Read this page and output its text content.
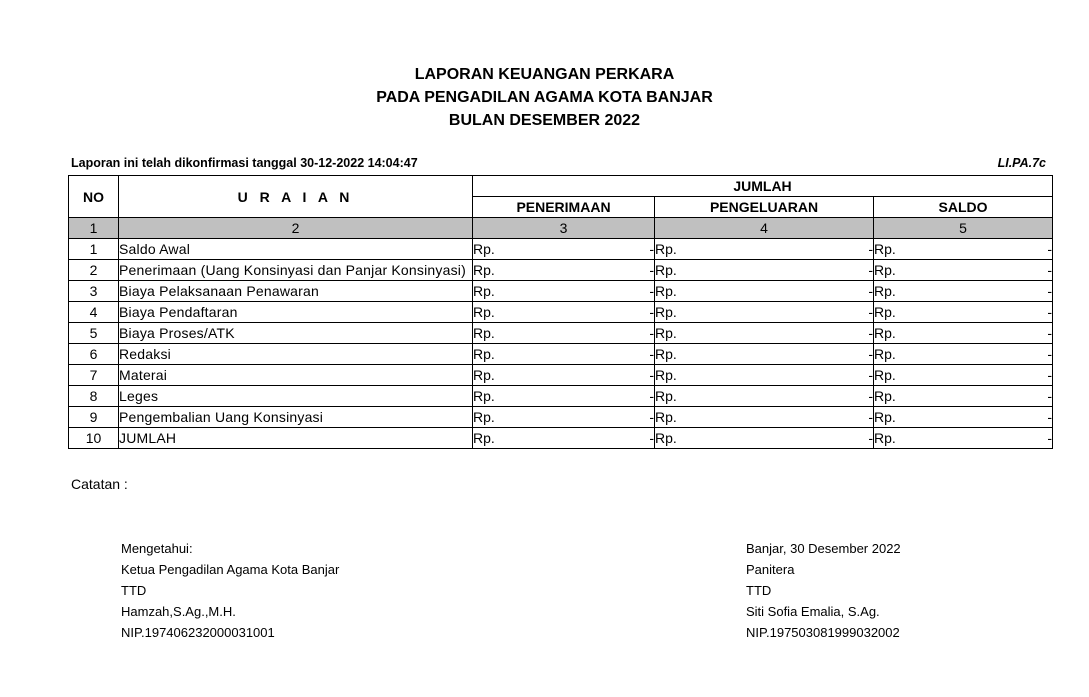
LAPORAN KEUANGAN PERKARA
PADA PENGADILAN AGAMA KOTA BANJAR
BULAN DESEMBER 2022
Laporan ini telah dikonfirmasi tanggal 30-12-2022 14:04:47	LI.PA.7c
NO	U R A I A N	JUMLAH		
		PENERIMAAN	PENGELUARAN	SALDO
1	2	3	4	5
1	Saldo Awal	Rp. -	Rp. -	Rp. -

2	Penerimaan (Uang Konsinyasi dan Panjar Konsinyasi)	Rp. -	Rp. -	Rp. -

3	Biaya Pelaksanaan Penawaran	Rp. -	Rp. -	Rp. -

4	Biaya Pendaftaran	Rp. -	Rp. -	Rp. -

5	Biaya Proses/ATK	Rp. -	Rp. -	Rp. -

6	Redaksi	Rp. -	Rp. -	Rp. -

7	Materai	Rp. -	Rp. -	Rp. -

8	Leges	Rp. -	Rp. -	Rp. -

9	Pengembalian Uang Konsinyasi	Rp. -	Rp. -	Rp. -

10	JUMLAH	Rp. -	Rp. -	Rp. -
Catatan :
Mengetahui:
Ketua Pengadilan Agama Kota Banjar
TTD
Hamzah,S.Ag.,M.H.
NIP.197406232000031001
Banjar, 30 Desember 2022
Panitera
TTD
Siti Sofia Emalia, S.Ag.
NIP.197503081999032002
